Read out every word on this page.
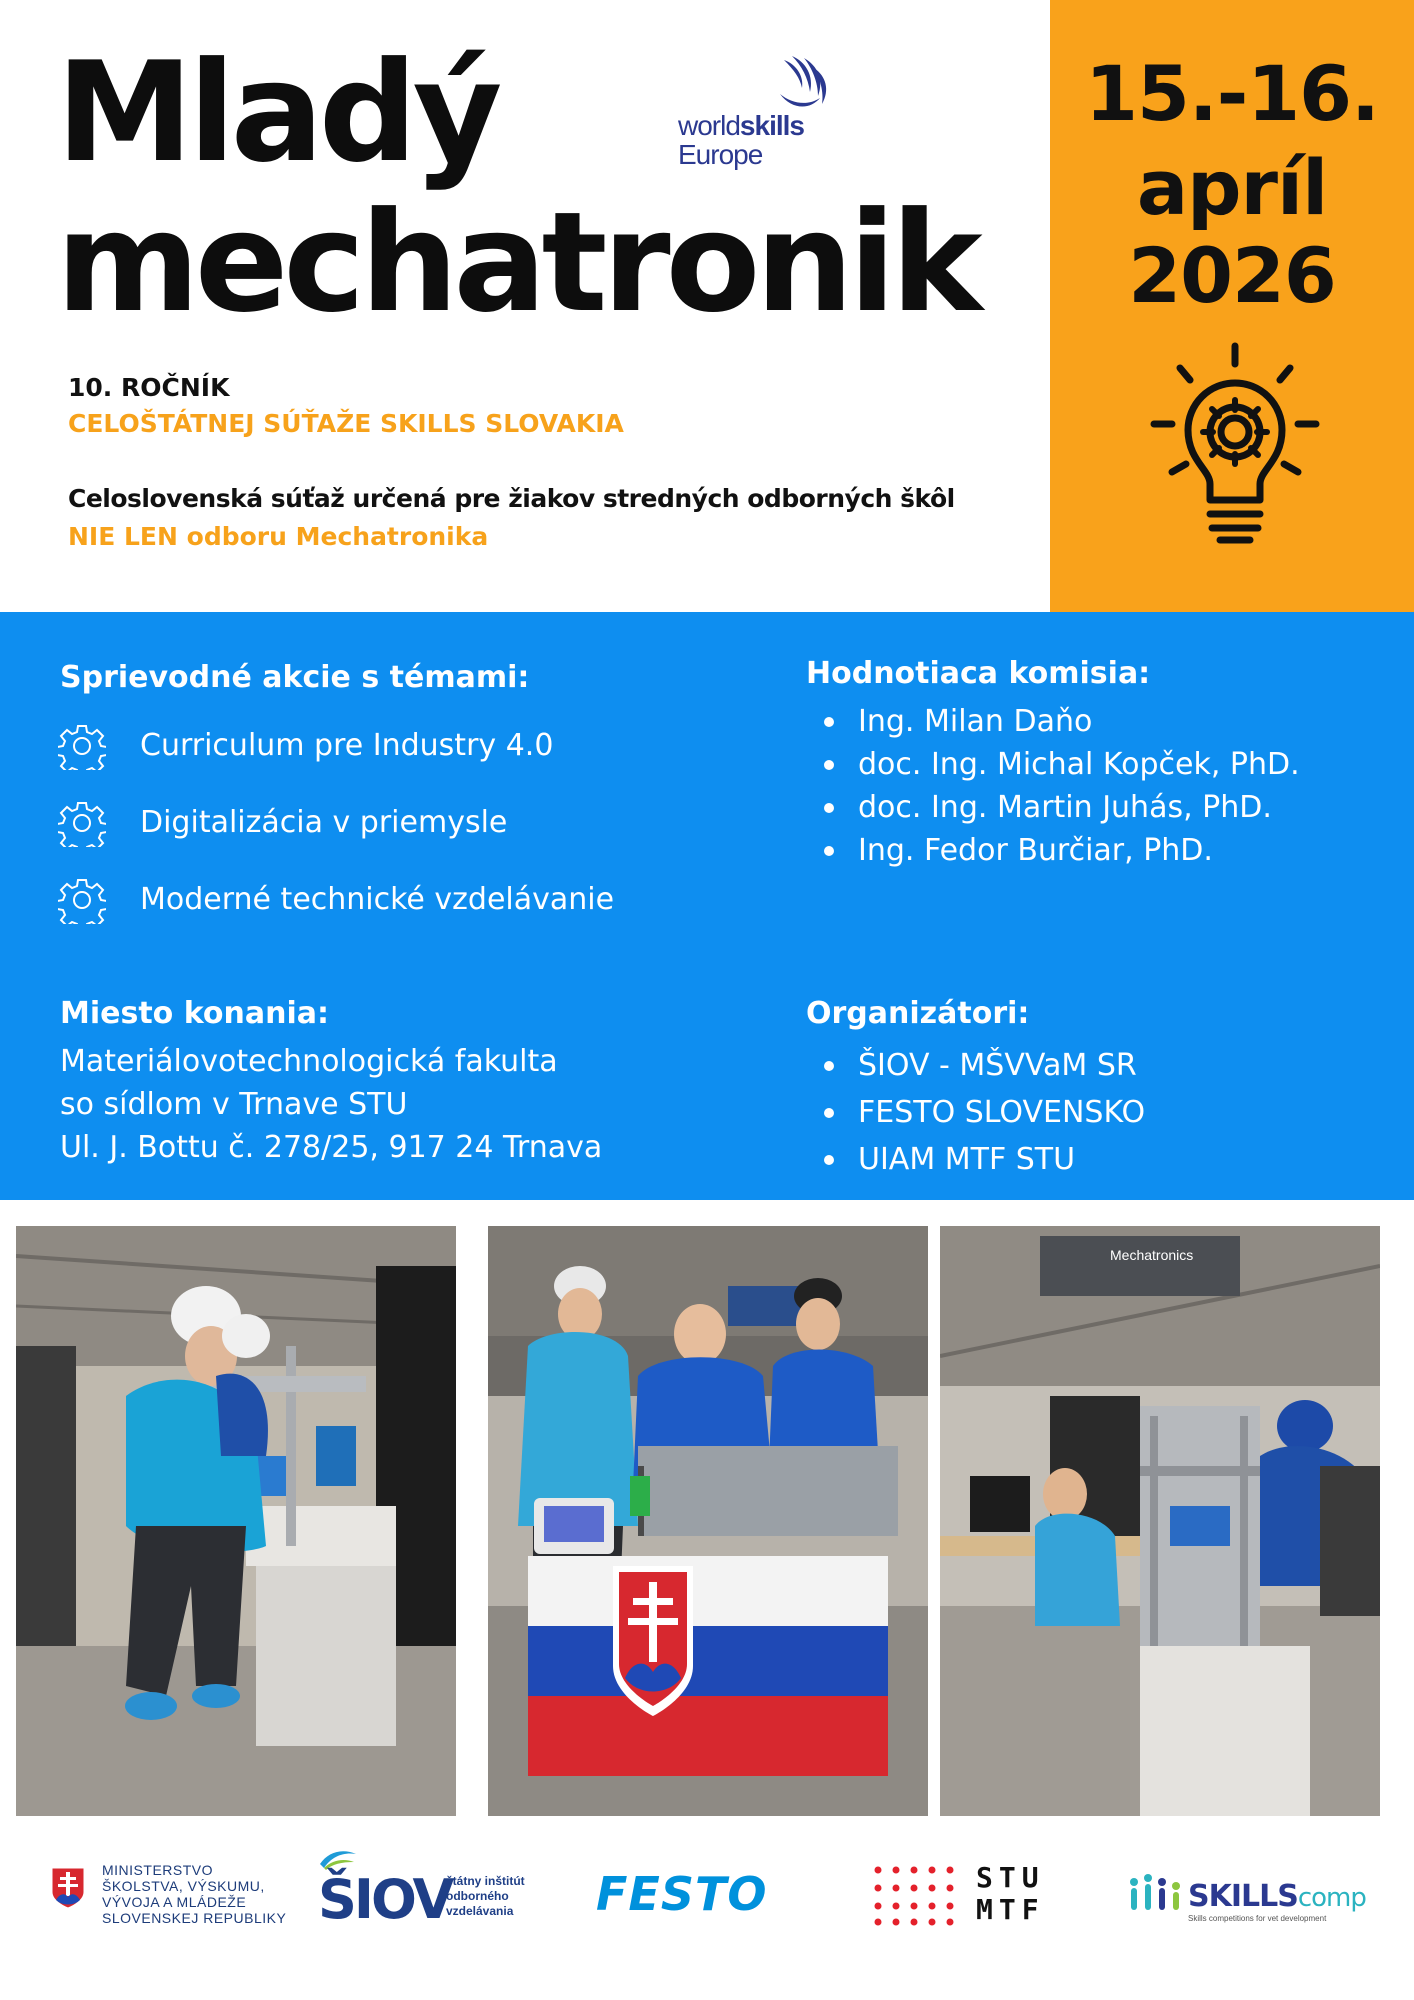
Mladý
mechatronik
worldskills
Europe
10. ROČNÍK
CELOŠTÁTNEJ SÚŤAŽE SKILLS SLOVAKIA
Celoslovenská súťaž určená pre žiakov stredných odborných škôl
NIE LEN odboru Mechatronika
15.-16.
apríl
2026
Sprievodné akcie s témami:
Curriculum pre Industry 4.0
Digitalizácia v priemysle
Moderné technické vzdelávanie
Hodnotiaca komisia:
Ing. Milan Daňo
doc. Ing. Michal Kopček, PhD.
doc. Ing. Martin Juhás, PhD.
Ing. Fedor Burčiar, PhD.
Miesto konania:
Materiálovotechnologická fakulta
so sídlom v Trnave STU
Ul. J. Bottu č. 278/25, 917 24 Trnava
Organizátori:
ŠIOV - MŠVVaM SR
FESTO SLOVENSKO
UIAM MTF STU
Mechatronics
MINISTERSTVO
ŠKOLSTVA, VÝSKUMU,
VÝVOJA A MLÁDEŽE
SLOVENSKEJ REPUBLIKY ŠIOV
štátny inštitút
odborného
vzdelávania FESTO	STU
MTF	SKILLScomp
Skills competitions for vet development
